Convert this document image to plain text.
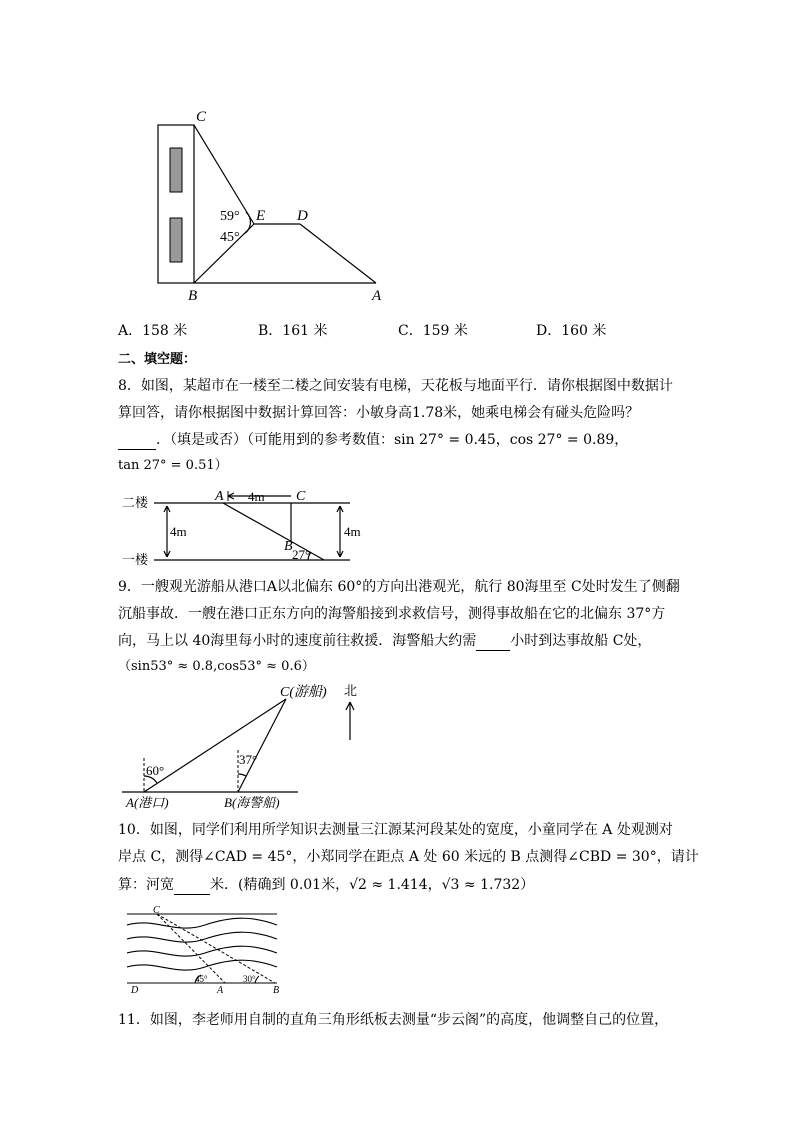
C
E D
B	A
59°
45°
A．158 米	B．161 米	C．159 米	D．160 米
二、填空题：
8．如图，某超市在一楼至二楼之间安装有电梯，天花板与地面平行．请你根据图中数据计
算回答，请你根据图中数据计算回答：小敏身高1.78米，她乘电梯会有碰头危险吗？
．（填是或否）（可能用到的参考数值：sin 27° = 0.45，cos 27° = 0.89，
tan 27° = 0.51）
二楼
一楼
A	C
B
4m
4m	4m
27°
9．一艘观光游船从港口A以北偏东 60°的方向出港观光，航行 80海里至 C处时发生了侧翻
沉船事故．一艘在港口正东方向的海警船接到求救信号，测得事故船在它的北偏东 37°方
向，马上以 40海里每小时的速度前往救援．海警船大约需 小时到达事故船 C处，
（sin53° ≈ 0.8,cos53° ≈ 0.6）
C(游船) 北
60°
37°
A(港口)	B(海警船)
10．如图，同学们利用所学知识去测量三江源某河段某处的宽度，小童同学在 A 处观测对
岸点 C，测得∠CAD = 45°，小郑同学在距点 A 处 60 米远的 B 点测得∠CBD = 30°，请计
算：河宽	米．(精确到 0.01米，√2 ≈ 1.414，√3 ≈ 1.732）
C
D	A	B
45°	30°
11．如图，李老师用自制的直角三角形纸板去测量“步云阁”的高度，他调整自己的位置，
